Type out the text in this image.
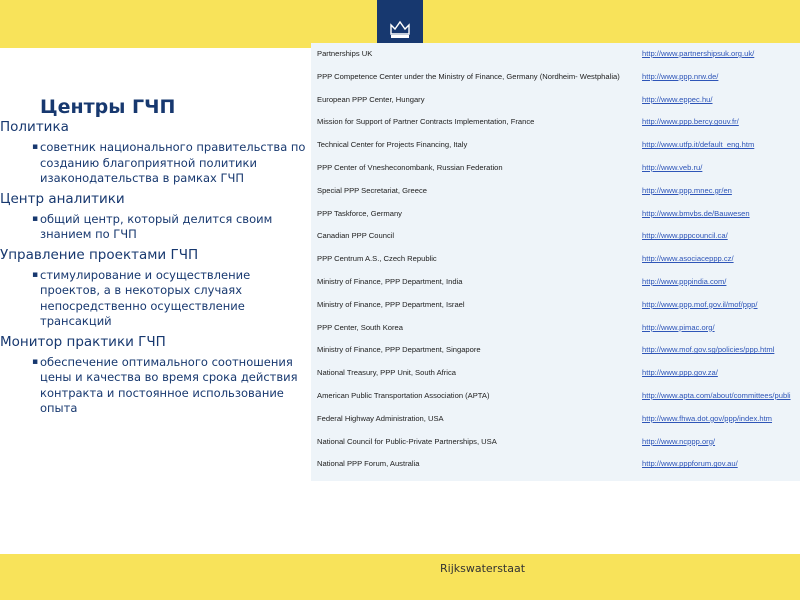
Центры ГЧП
Политика
▪ советник национального правительства по созданию благоприятной политики изаконодательства в рамках ГЧП
Центр аналитики
▪ общий центр, который делится своим знанием по ГЧП
Управление проектами ГЧП
▪ стимулирование и осуществление проектов, а в некоторых случаях непосредственно осуществление трансакций
Монитор практики ГЧП
▪ обеспечение оптимального соотношения цены и качества во время срока действия контракта и постоянное использование опыта
Partnerships UK	http://www.partnershipsuk.org.uk/
PPP Competence Center under the Ministry of Finance, Germany (Nordheim- Westphalia)	http://www.ppp.nrw.de/
European PPP Center, Hungary	http://www.eppec.hu/
Mission for Support of Partner Contracts Implementation, France	http://www.ppp.bercy.gouv.fr/
Technical Center for Projects Financing, Italy	http://www.utfp.it/default_eng.htm
PPP Center of Vnesheconombank, Russian Federation	http://www.veb.ru/
Special PPP Secretariat, Greece	http://www.ppp.mnec.gr/en
PPP Taskforce, Germany	http://www.bmvbs.de/Bauwesen
Canadian PPP Council	http://www.pppcouncil.ca/
PPP Centrum A.S., Czech Republic	http://www.asociaceppp.cz/
Ministry of Finance, PPP Department, India	http://www.pppindia.com/
Ministry of Finance, PPP Department, Israel	http://www.ppp.mof.gov.il/mof/ppp/
PPP Center, South Korea	http://www.pimac.org/
Ministry of Finance, PPP Department, Singapore	http://www.mof.gov.sg/policies/ppp.html
National Treasury, PPP Unit, South Africa	http://www.ppp.gov.za/
American Public Transportation Association (APTA)	http://www.apta.com/about/committees/publi
Federal Highway Administration, USA	http://www.fhwa.dot.gov/ppp/index.htm
National Council for Public-Private Partnerships, USA	http://www.ncppp.org/
National PPP Forum, Australia	http://www.pppforum.gov.au/
Rijkswaterstaat
